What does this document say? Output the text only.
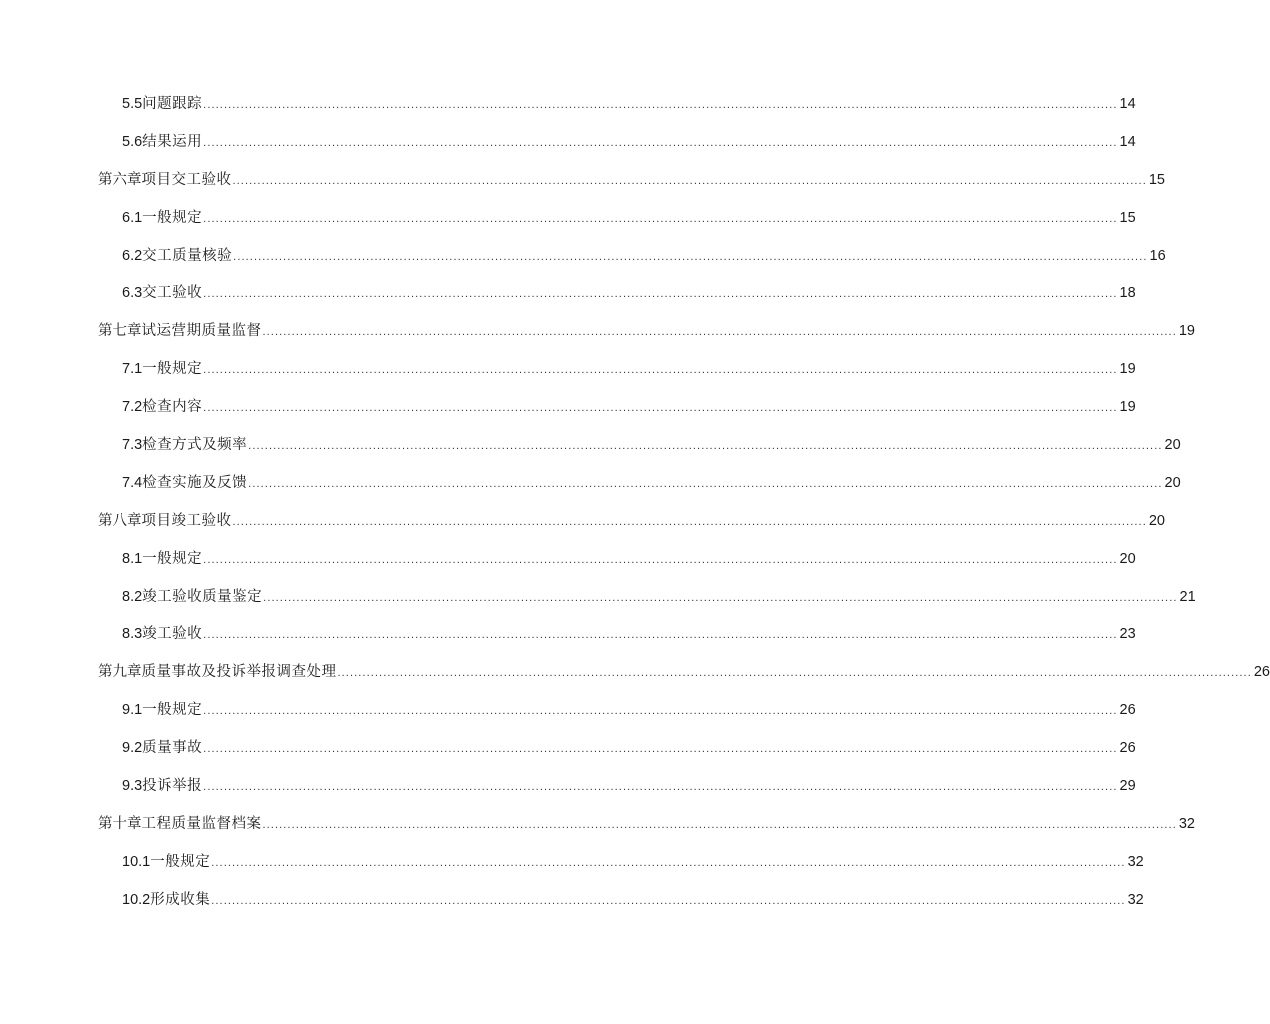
5.5 问题跟踪 ............................................................................................................................................................................................................................ 14
5.6 结果运用 ............................................................................................................................................................................................................................ 14
第六章 项目交工验收 ............................................................................................................................................................................................................................ 15
6.1 一般规定 ............................................................................................................................................................................................................................ 15
6.2 交工质量核验 ............................................................................................................................................................................................................................ 16
6.3 交工验收 ............................................................................................................................................................................................................................ 18
第七章 试运营期质量监督 ............................................................................................................................................................................................................................ 19
7.1 一般规定 ............................................................................................................................................................................................................................ 19
7.2 检查内容 ............................................................................................................................................................................................................................ 19
7.3 检查方式及频率 ............................................................................................................................................................................................................................ 20
7.4 检查实施及反馈 ............................................................................................................................................................................................................................ 20
第八章 项目竣工验收 ............................................................................................................................................................................................................................ 20
8.1 一般规定 ............................................................................................................................................................................................................................ 20
8.2 竣工验收质量鉴定 ............................................................................................................................................................................................................................ 21
8.3 竣工验收 ............................................................................................................................................................................................................................ 23
第九章 质量事故及投诉举报调查处理 ............................................................................................................................................................................................................................ 26
9.1 一般规定 ............................................................................................................................................................................................................................ 26
9.2 质量事故 ............................................................................................................................................................................................................................ 26
9.3 投诉举报 ............................................................................................................................................................................................................................ 29
第十章 工程质量监督档案 ............................................................................................................................................................................................................................ 32
10.1 一般规定 ............................................................................................................................................................................................................................ 32
10.2 形成收集 ............................................................................................................................................................................................................................ 32
